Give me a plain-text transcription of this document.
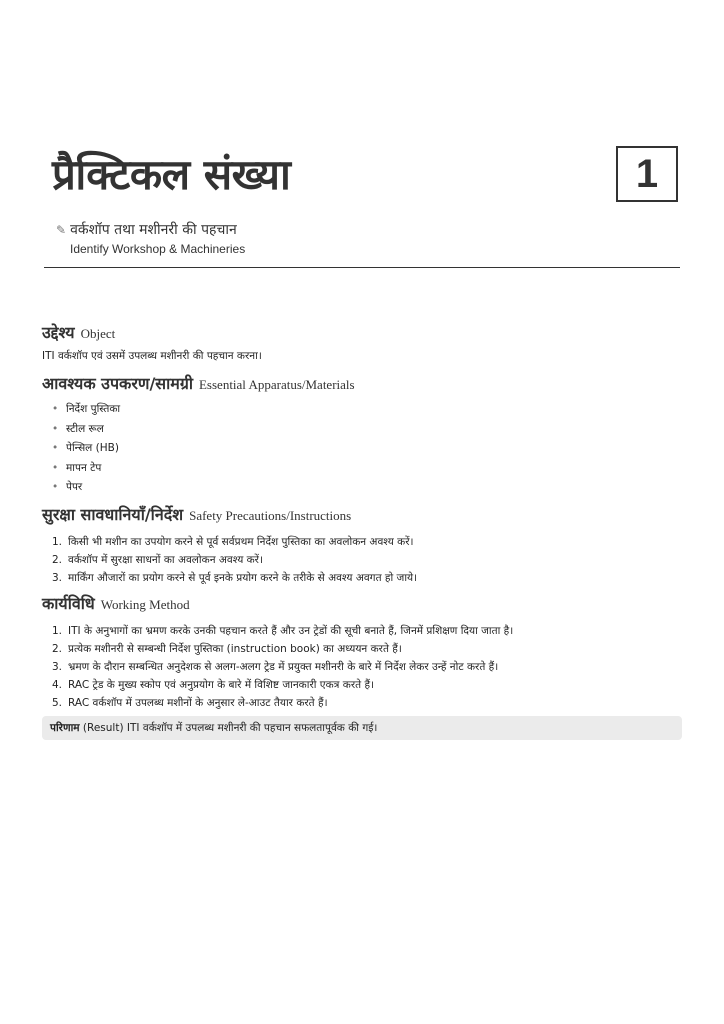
प्रैक्टिकल संख्या	1
✎ वर्कशॉप तथा मशीनरी की पहचान
Identify Workshop & Machineries
उद्देश्य Object
ITI वर्कशॉप एवं उसमें उपलब्ध मशीनरी की पहचान करना।
आवश्यक उपकरण/सामग्री Essential Apparatus/Materials
• निर्देश पुस्तिका
• स्टील रूल
• पेन्सिल (HB)
• मापन टेप
• पेपर
सुरक्षा सावधानियाँ/निर्देश Safety Precautions/Instructions
1. किसी भी मशीन का उपयोग करने से पूर्व सर्वप्रथम निर्देश पुस्तिका का अवलोकन अवश्य करें।
2. वर्कशॉप में सुरक्षा साधनों का अवलोकन अवश्य करें।
3. मार्किंग औजारों का प्रयोग करने से पूर्व इनके प्रयोग करने के तरीके से अवश्य अवगत हो जाये।
कार्यविधि Working Method
1. ITI के अनुभागों का भ्रमण करके उनकी पहचान करते हैं और उन ट्रेडों की सूची बनाते हैं, जिनमें प्रशिक्षण दिया जाता है।
2. प्रत्येक मशीनरी से सम्बन्धी निर्देश पुस्तिका (instruction book) का अध्ययन करते हैं।
3. भ्रमण के दौरान सम्बन्धित अनुदेशक से अलग-अलग ट्रेड में प्रयुक्त मशीनरी के बारे में निर्देश लेकर उन्हें नोट करते हैं।
4. RAC ट्रेड के मुख्य स्कोप एवं अनुप्रयोग के बारे में विशिष्ट जानकारी एकत्र करते हैं।
5. RAC वर्कशॉप में उपलब्ध मशीनों के अनुसार ले-आउट तैयार करते हैं।
परिणाम (Result) ITI वर्कशॉप में उपलब्ध मशीनरी की पहचान सफलतापूर्वक की गई।
